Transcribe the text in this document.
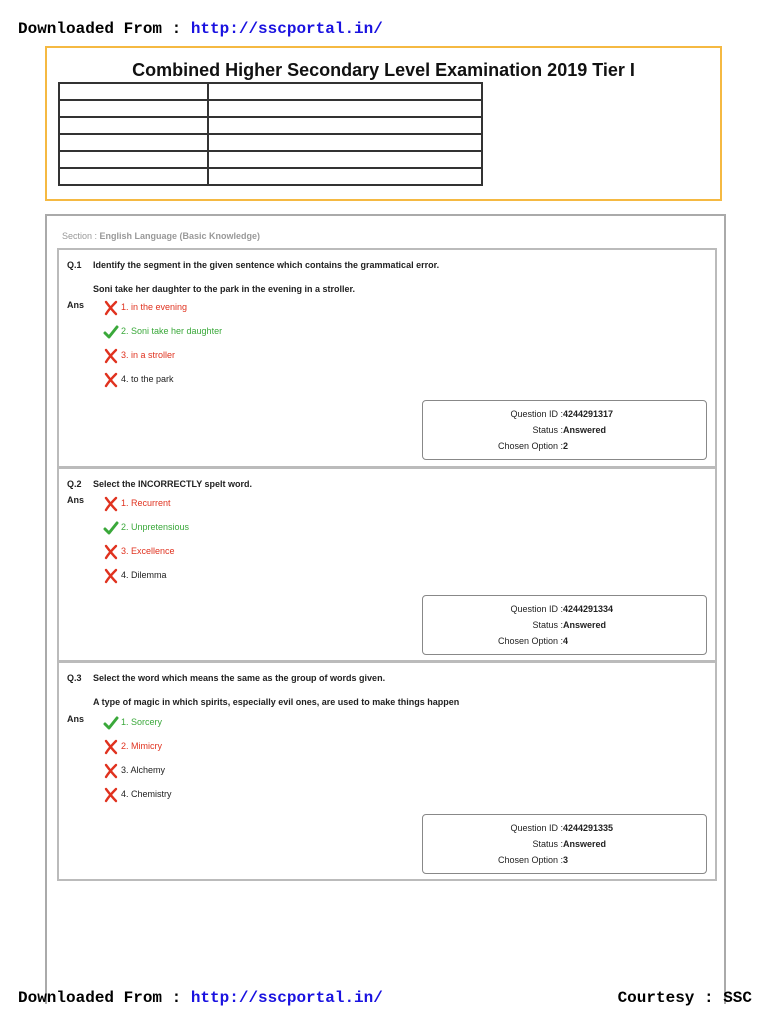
Downloaded From : http://sscportal.in/
Combined Higher Secondary Level Examination 2019 Tier I

Section : English Language (Basic Knowledge)
Q.1 Identify the segment in the given sentence which contains the grammatical error.
Soni take her daughter to the park in the evening in a stroller.
Ans	1. in the evening
2. Soni take her daughter
3. in a stroller
4. to the park
Question ID : 4244291317
Status : Answered
Chosen Option : 2
Q.2 Select the INCORRECTLY spelt word.
Ans	1. Recurrent
2. Unpretensious
3. Excellence
4. Dilemma
Question ID : 4244291334
Status : Answered
Chosen Option : 4
Q.3 Select the word which means the same as the group of words given.
A type of magic in which spirits, especially evil ones, are used to make things happen
Ans	1. Sorcery
2. Mimicry
3. Alchemy
4. Chemistry
Question ID : 4244291335
Status : Answered
Chosen Option : 3
Downloaded From : http://sscportal.in/	Courtesy : SSC
